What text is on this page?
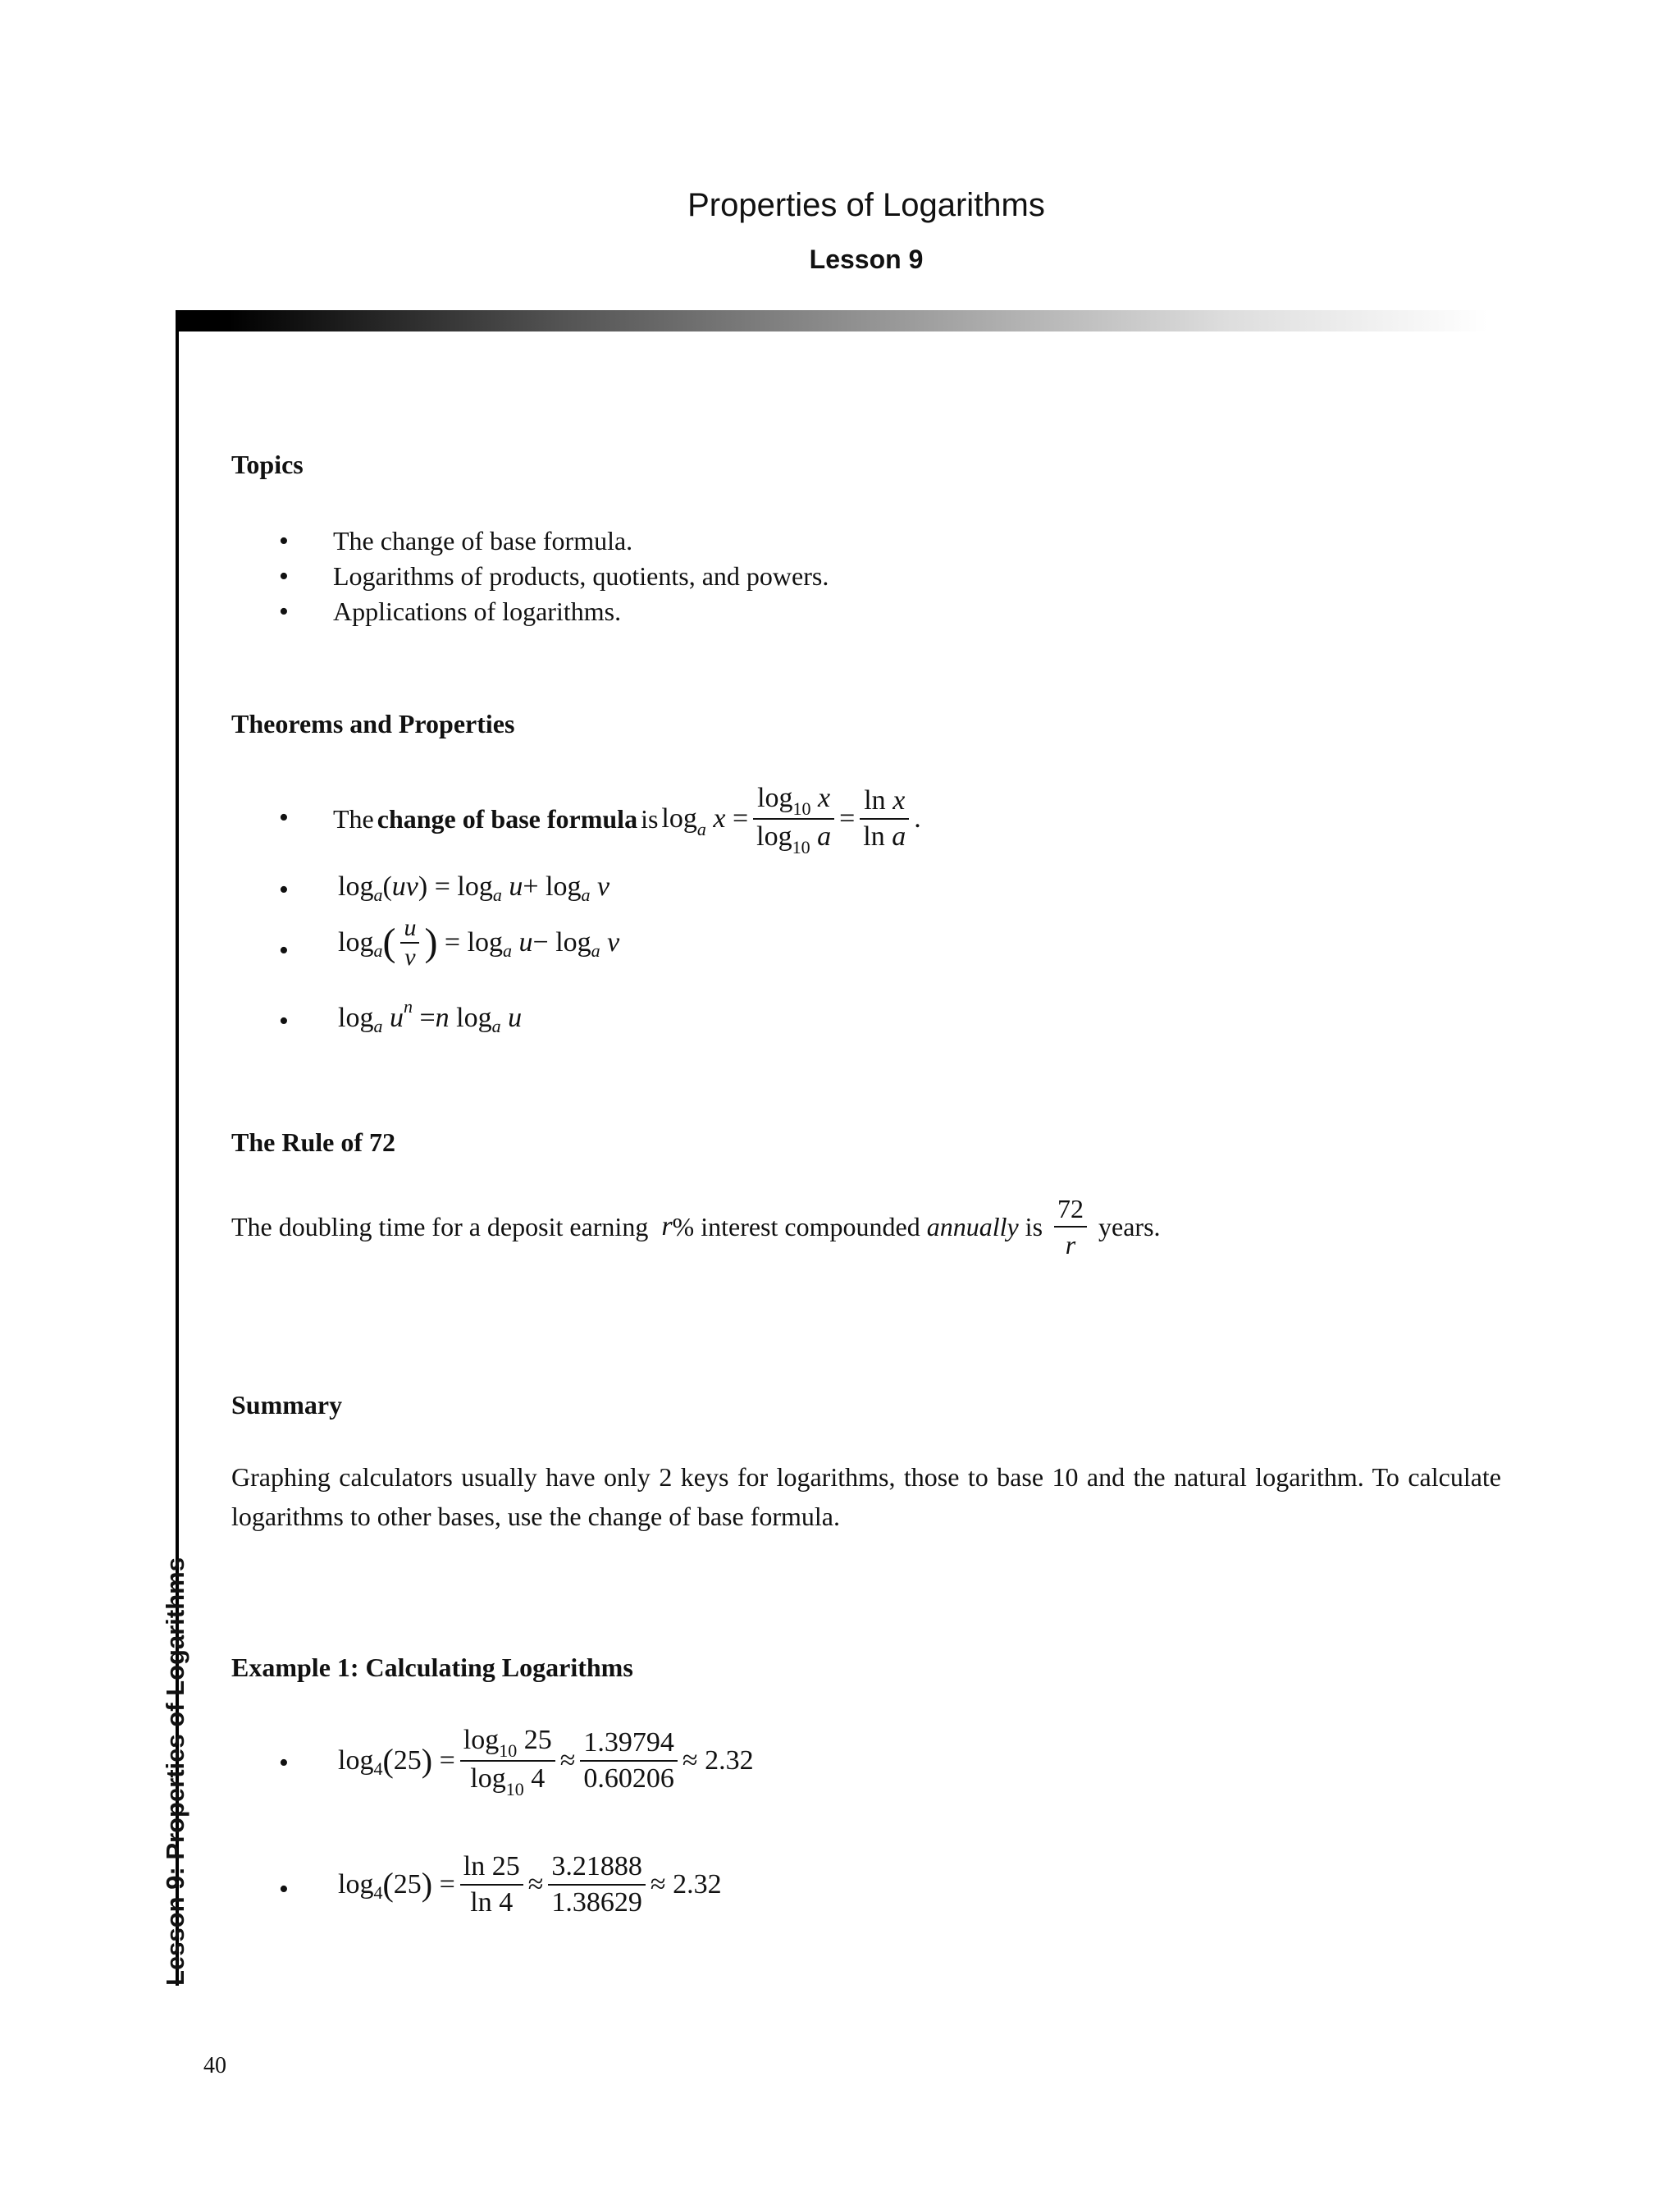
Properties of Logarithms
Lesson 9
Lesson 9: Properties of Logarithms
Topics
• The change of base formula.
• Logarithms of products, quotients, and powers.
• Applications of logarithms.
Theorems and Properties
• The
change of base formula
is
$\log_a x = \frac{\log_{10} x}{\log_{10} a} = \frac{\text{ln x}}{\text{ln a}}$ .
• log a ( uv ) = log a
u + log a
v
• log a ( $\frac{u}{v}$ ) = log a
u − log a
v
• log a
u n = n log a
u
The Rule of 72
The doubling time for a deposit earning
r % interest compounded
annually
is
$\frac{72}{r}$
years.
Summary
Graphing calculators usually have only 2 keys for logarithms, those to base 10 and the natural logarithm. To calculate logarithms to other bases, use the change of base formula.
Example 1: Calculating Logarithms
• log 4 ( 25 ) = $\frac{\log_{10} 25}{\log_{10} 4} \approx \frac{1.39794}{0.60206} \approx 2.32$
• log 4 ( 25 ) = $\frac{\ln 25}{\ln 4} \approx \frac{3.21888}{1.38629} \approx 2.32$
40
